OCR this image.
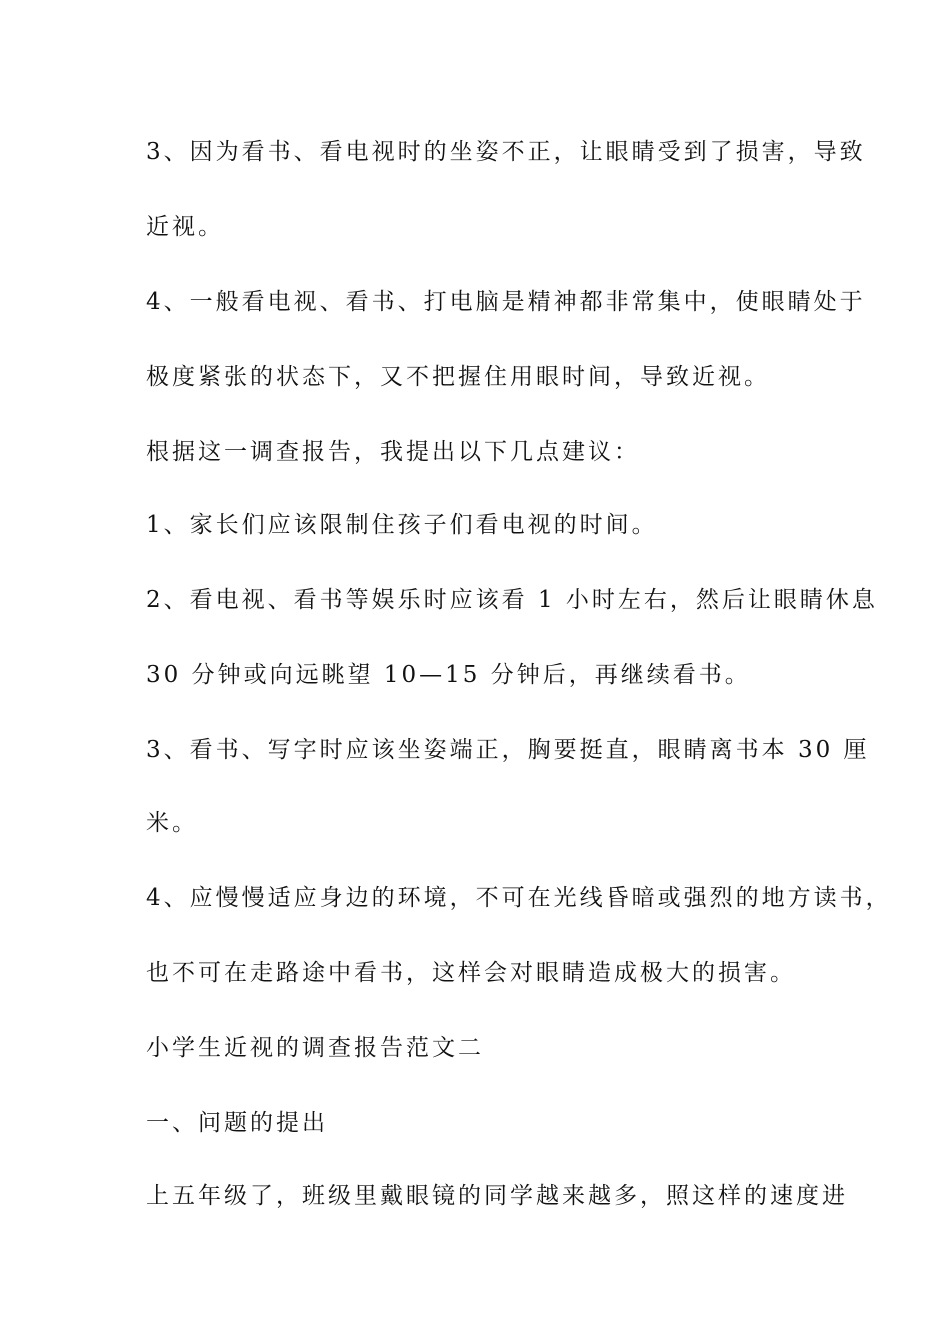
3、因为看书、看电视时的坐姿不正，让眼睛受到了损害，导致
近视。
4、一般看电视、看书、打电脑是精神都非常集中，使眼睛处于
极度紧张的状态下，又不把握住用眼时间，导致近视。
根据这一调查报告，我提出以下几点建议：
1、家长们应该限制住孩子们看电视的时间。
2、看电视、看书等娱乐时应该看 1 小时左右，然后让眼睛休息
30 分钟或向远眺望 10—15 分钟后，再继续看书。
3、看书、写字时应该坐姿端正，胸要挺直，眼睛离书本 30 厘
米。
4、应慢慢适应身边的环境，不可在光线昏暗或强烈的地方读书，
也不可在走路途中看书，这样会对眼睛造成极大的损害。
小学生近视的调查报告范文二
一、问题的提出
上五年级了，班级里戴眼镜的同学越来越多，照这样的速度进
